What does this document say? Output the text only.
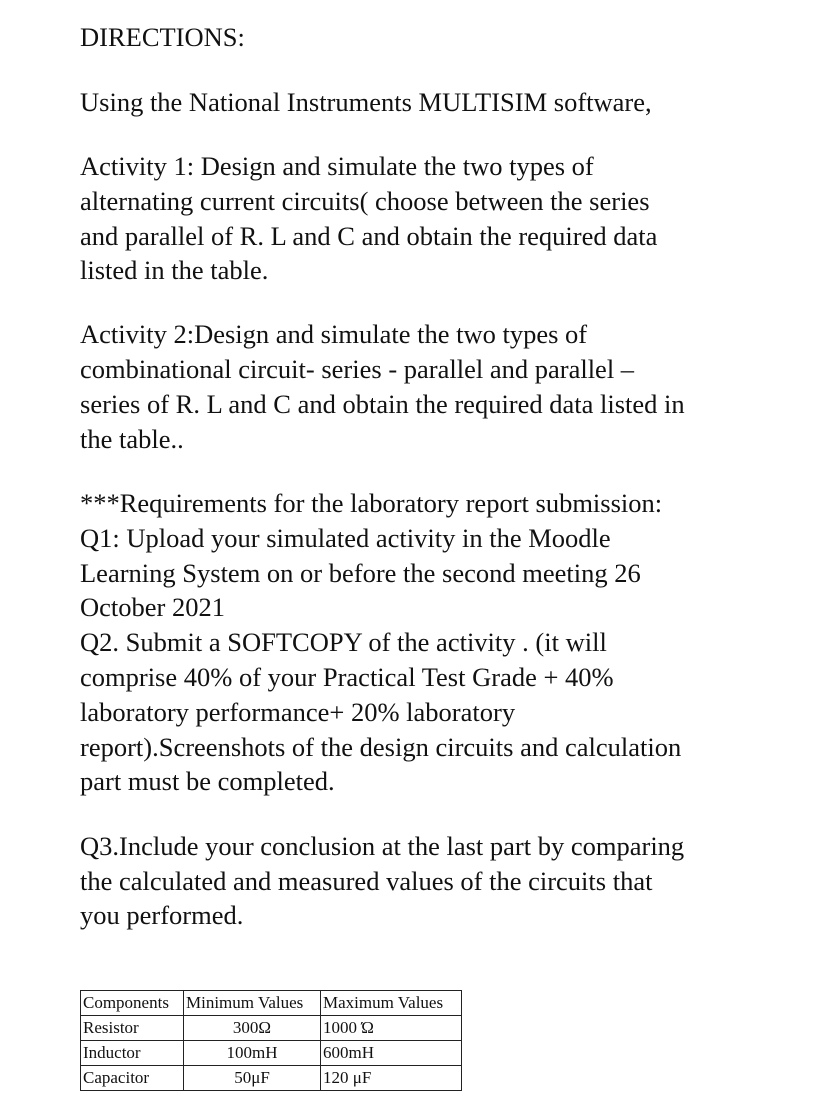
DIRECTIONS:
Using the National Instruments MULTISIM software,
Activity 1: Design and simulate the two types of
alternating current circuits( choose between the series
and parallel of R. L and C and obtain the required data
listed in the table.
Activity 2:Design and simulate the two types of
combinational circuit- series - parallel and parallel –
series of R. L and C and obtain the required data listed in
the table..
***Requirements for the laboratory report submission:
Q1: Upload your simulated activity in the Moodle
Learning System on or before the second meeting 26
October 2021
Q2. Submit a SOFTCOPY of the activity . (it will
comprise 40% of your Practical Test Grade + 40%
laboratory performance+ 20% laboratory
report).Screenshots of the design circuits and calculation
part must be completed.
Q3.Include your conclusion at the last part by comparing
the calculated and measured values of the circuits that
you performed.
Components	Minimum Values	Maximum Values
Resistor	300Ω	1000 Ώ
Inductor	100mH	600mH
Capacitor	50μF	120 μF
